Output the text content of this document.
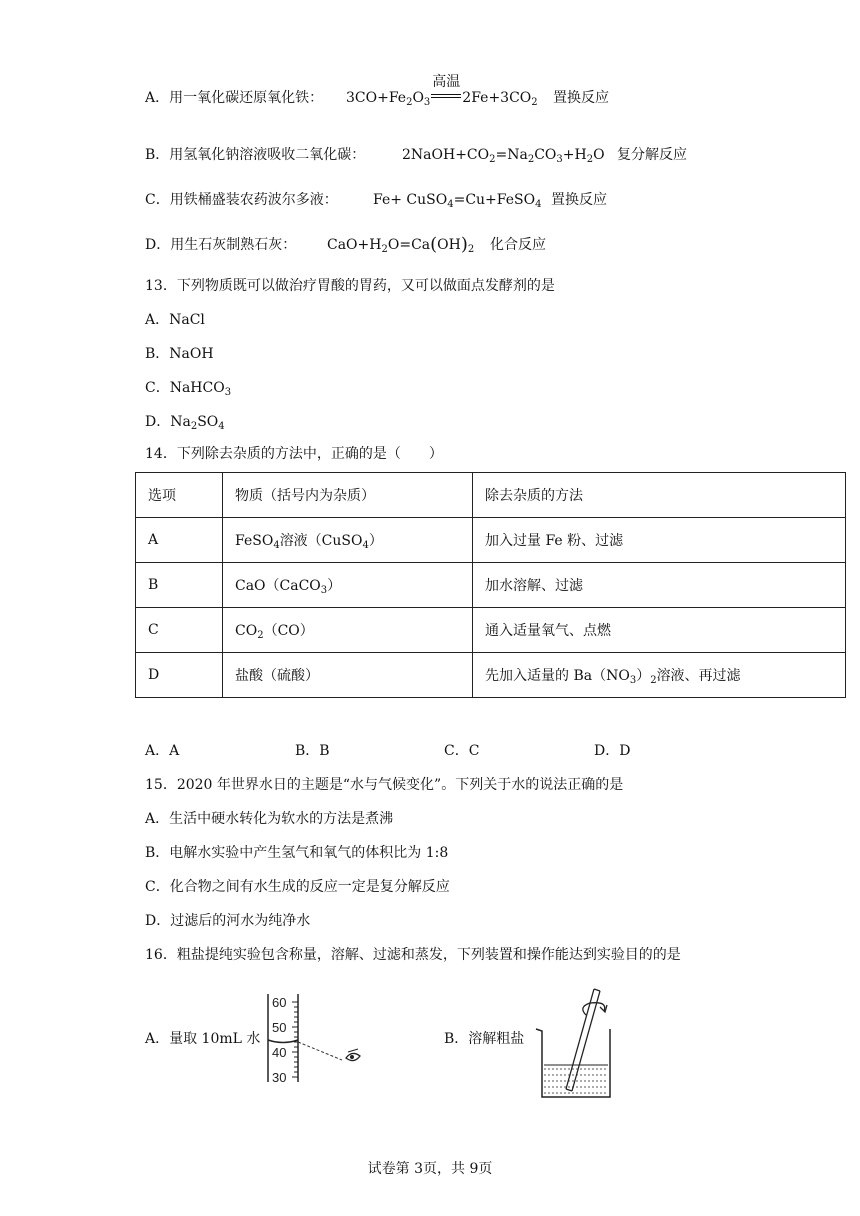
A．用一氧化碳还原氧化铁： $3CO+Fe_2O_3$
高温
$2Fe+3CO_2$ 置换反应
B．用氢氧化钠溶液吸收二氧化碳：	$2NaOH+CO_2=Na_2CO_3+H_2O$ 复分解反应
C．用铁桶盛装农药波尔多液：	Fe+ CuSO$_4$=Cu+FeSO$_4$ 置换反应
D．用生石灰制熟石灰： $CaO+H_2O=Ca(OH)_2$ 化合反应
13．下列物质既可以做治疗胃酸的胃药，又可以做面点发酵剂的是
A．NaCl
B．NaOH
C．NaHCO$_3$
D．$Na_2SO_4$
14．下列除去杂质的方法中，正确的是（　　）
选项	物质（括号内为杂质）	除去杂质的方法
A	FeSO$_4$溶液（CuSO$_4$）	加入过量 Fe 粉、过滤
B	CaO（CaCO$_3$）	加水溶解、过滤
C	$CO_2(CO)$	通入适量氧气、点燃
D	盐酸（硫酸）	先加入适量的 $Ba(NO_3)_2$溶液、再过滤
A．A	B．B	C．C	D．D
15．2020 年世界水日的主题是“水与气候变化”。下列关于水的说法正确的是
A．生活中硬水转化为软水的方法是煮沸
B．电解水实验中产生氢气和氧气的体积比为 1:8
C．化合物之间有水生成的反应一定是复分解反应
D．过滤后的河水为纯净水
16．粗盐提纯实验包含称量，溶解、过滤和蒸发，下列装置和操作能达到实验目的的是
A．量取 10mL 水
60
50
40
30
B．溶解粗盐
试卷第 3页，共 9页
